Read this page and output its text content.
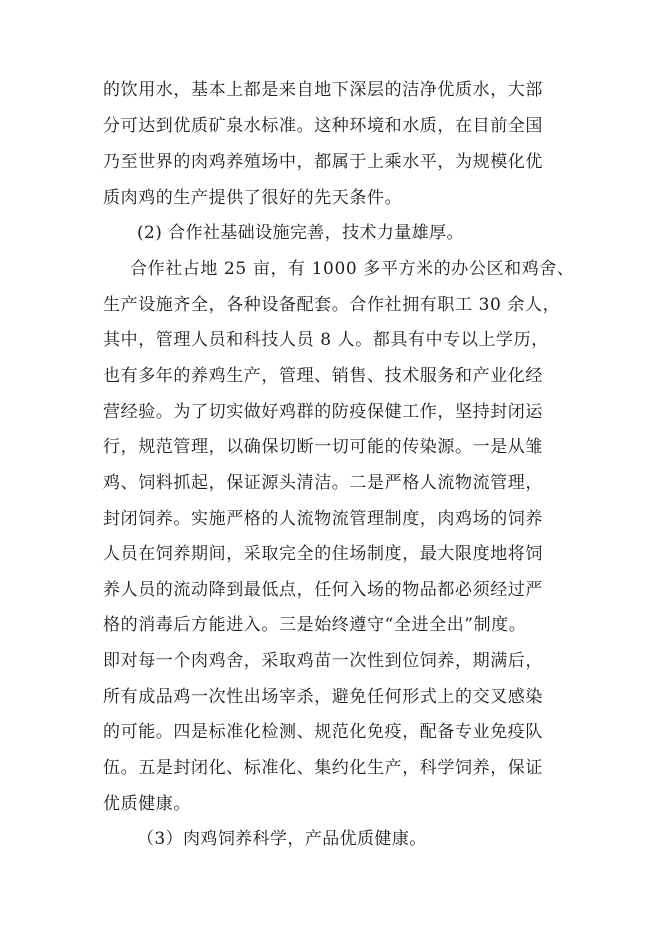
的饮用水，基本上都是来自地下深层的洁净优质水，大部

分可达到优质矿泉水标准。这种环境和水质，在目前全国

乃至世界的肉鸡养殖场中，都属于上乘水平，为规模化优

质肉鸡的生产提供了很好的先天条件。

(2) 合作社基础设施完善，技术力量雄厚。

合作社占地 25 亩，有 1000 多平方米的办公区和鸡舍、

生产设施齐全，各种设备配套。合作社拥有职工 30 余人，

其中，管理人员和科技人员 8 人。都具有中专以上学历，

也有多年的养鸡生产，管理、销售、技术服务和产业化经

营经验。为了切实做好鸡群的防疫保健工作，坚持封闭运

行，规范管理，以确保切断一切可能的传染源。一是从雏

鸡、饲料抓起，保证源头清洁。二是严格人流物流管理，

封闭饲养。实施严格的人流物流管理制度，肉鸡场的饲养

人员在饲养期间，采取完全的住场制度，最大限度地将饲

养人员的流动降到最低点，任何入场的物品都必须经过严

格的消毒后方能进入。三是始终遵守“全进全出”制度。

即对每一个肉鸡舍，采取鸡苗一次性到位饲养，期满后，

所有成品鸡一次性出场宰杀，避免任何形式上的交叉感染

的可能。四是标准化检测、规范化免疫，配备专业免疫队

伍。五是封闭化、标准化、集约化生产，科学饲养，保证

优质健康。

（3）肉鸡饲养科学，产品优质健康。
